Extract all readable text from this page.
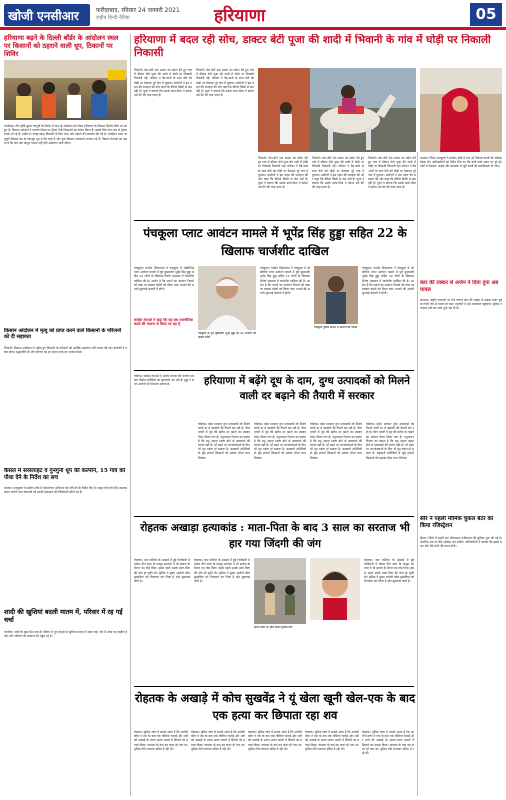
खोजी एनसीआर	फरीदाबाद, रविवार 24 जनवरी 2021
राष्ट्रीय हिन्दी दैनिक	हरियाणा	05
हरियाणा बढ़ने के दिल्ली बॉर्डर के आंदोलन स्थल पर किसानों को ठहराने वाली धूप, ठिकानों पर शिविर
चण्डीगढ़। तीन कृषि सुधार कानूनों के विरोध में चल रहे आंदोलन को लेकर हरियाणा के किसान दिल्ली बॉर्डर पर डटे हुए हैं। किसान संगठनों ने गणतंत्र दिवस पर ट्रैक्टर रैली निकालने का ऐलान किया है। इसके लिए गांव-गांव से ट्रैक्टर रवाना हो रहे हैं। हाईवे पर जगह-जगह किसानों के लिए लंगर और ठहरने की व्यवस्था की गई है। आंदोलन स्थल पर बुजुर्ग किसान ठंड के बावजूद धूप में बैठे रहते हैं और युवा किसान व्यवस्थाएं संभाल रहे हैं। किसान नेताओं का कहना है कि जब तक कानून वापस नहीं होते आंदोलन जारी रहेगा।
किसान आंदोलन में मृत्यु को प्राप्त करने वाले किसानों के परिजनों को दी सहायता
भिवानी। किसान आंदोलन में शहीद हुए किसानों के परिजनों को आर्थिक सहायता राशि प्रदान की गई। ग्रामीणों ने एकत्र होकर श्रद्धांजलि दी और परिवार को हर संभव मदद का भरोसा दिया।
कैसल में सरसराहट व गुनगुनी धूप की कल्पनि, 15 गांव को पौधा देने के निर्देश का सच
पलवल। उपायुक्त ने ग्रामीण क्षेत्रों में पौधारोपण अभियान को गति देने के निर्देश दिए हैं। पंद्रह गांवों को पौधे उपलब्ध कराए जाएंगे तथा पंचायतों को इनकी देखभाल की जिम्मेदारी सौंपी गई है।
शादी की खुशियां बदली मातम में, परिवार में रह गई चर्चा
नारनौल। शादी के कुछ दिन बाद ही परिवार में हुए हादसे से खुशियां मातम में बदल गईं। गांव में शोक का माहौल है और लोग परिवार को सांत्वना देने पहुंच रहे हैं।
हरियाणा में बदल रही सोच, डाक्टर बेटी पूजा की शादी में भिवानी के गांव में घोड़ी पर निकाली निकासी
भिवानी। बेटा-बेटी एक समान का संदेश देते हुए गांव में डॉक्टर बेटी पूजा की शादी में घोड़ी पर निकासी निकाली गई। परिवार ने बैंड-बाजे के साथ बेटी को घोड़ी पर बैठाकर पूरे गांव में घुमाया। ग्रामीणों ने इस पहल की सराहना की और कहा कि बेटियां किसी से कम नहीं हैं। पूजा ने बताया कि उसके माता-पिता ने हमेशा उसे बेटे की तरह पाला है।
भिवानी। बेटा-बेटी एक समान का संदेश देते हुए गांव में डॉक्टर बेटी पूजा की शादी में घोड़ी पर निकासी निकाली गई। परिवार ने बैंड-बाजे के साथ बेटी को घोड़ी पर बैठाकर पूरे गांव में घुमाया। ग्रामीणों ने इस पहल की सराहना की और कहा कि बेटियां किसी से कम नहीं हैं। पूजा ने बताया कि उसके माता-पिता ने हमेशा उसे बेटे की तरह पाला है।
भिवानी। बेटा-बेटी एक समान का संदेश देते हुए गांव में डॉक्टर बेटी पूजा की शादी में घोड़ी पर निकासी निकाली गई। परिवार ने बैंड-बाजे के साथ बेटी को घोड़ी पर बैठाकर पूरे गांव में घुमाया। ग्रामीणों ने इस पहल की सराहना की और कहा कि बेटियां किसी से कम नहीं हैं। पूजा ने बताया कि उसके माता-पिता ने हमेशा उसे बेटे की तरह पाला है।
भिवानी। बेटा-बेटी एक समान का संदेश देते हुए गांव में डॉक्टर बेटी पूजा की शादी में घोड़ी पर निकासी निकाली गई। परिवार ने बैंड-बाजे के साथ बेटी को घोड़ी पर बैठाकर पूरे गांव में घुमाया। ग्रामीणों ने इस पहल की सराहना की और कहा कि बेटियां किसी से कम नहीं हैं। पूजा ने बताया कि उसके माता-पिता ने हमेशा उसे बेटे की तरह पाला है।
भिवानी। बेटा-बेटी एक समान का संदेश देते हुए गांव में डॉक्टर बेटी पूजा की शादी में घोड़ी पर निकासी निकाली गई। परिवार ने बैंड-बाजे के साथ बेटी को घोड़ी पर बैठाकर पूरे गांव में घुमाया। ग्रामीणों ने इस पहल की सराहना की और कहा कि बेटियां किसी से कम नहीं हैं। पूजा ने बताया कि उसके माता-पिता ने हमेशा उसे बेटे की तरह पाला है।
पलवल। जिला उपायुक्त ने ग्रामीण क्षेत्रों में चल रहे विकास कार्यों की समीक्षा बैठक ली। अधिकारियों को निर्देश दिए गए कि सभी कार्य समय पर पूरे हों। गांवों में पेयजल, सड़क और स्वच्छता से जुड़े कार्यों को प्राथमिकता दी जाए।
कार की टक्कर से अर्जन ने दिया दुपा अब घायल
करनाल। राष्ट्रीय राजमार्ग पर तेज रफ्तार कार की टक्कर से बाइक सवार युवक गंभीर रूप से घायल हो गया। राहगीरों ने उसे अस्पताल पहुंचाया। पुलिस ने मामला दर्ज कर जांच शुरू कर दी है।
सीरे ने पहली मौमिक चुकल बेटर का किया रजिस्ट्रेशन
हिसार। जिले में पहली बार ऑनलाइन पंजीकरण की सुविधा शुरू की गई है। नागरिक अब घर बैठे आवेदन कर सकेंगे। अधिकारियों ने बताया कि इससे समय और पैसे दोनों की बचत होगी।
पंचकूला प्लाट आवंटन मामले में भूपेंद्र सिंह हुड्डा सहित 22 के खिलाफ चार्जशीट दाखिल
पंचकूला। प्रवर्तन निदेशालय ने पंचकूला में औद्योगिक प्लाट आवंटन मामले में पूर्व मुख्यमंत्री भूपेंद्र सिंह हुड्डा सहित 22 लोगों के खिलाफ विशेष अदालत में चार्जशीट दाखिल की है। आरोप है कि प्लाटों का आवंटन नियमों को ताक पर रखकर चहेतों को किया गया। मामले की अगली सुनवाई फरवरी में होगी।
पंचकूला के पूर्व मुख्यमंत्री भूपेंद्र हुड्डा की 21 जनवरी की फाइल फोटो
पंचकूला। प्रवर्तन निदेशालय ने पंचकूला में औद्योगिक प्लाट आवंटन मामले में पूर्व मुख्यमंत्री भूपेंद्र सिंह हुड्डा सहित 22 लोगों के खिलाफ विशेष अदालत में चार्जशीट दाखिल की है। आरोप है कि प्लाटों का आवंटन नियमों को ताक पर रखकर चहेतों को किया गया। मामले की अगली सुनवाई फरवरी में होगी।
पंचकूला पुलिस स्टेशन में आरोपी को पकड़ा
पंचकूला। प्रवर्तन निदेशालय ने पंचकूला में औद्योगिक प्लाट आवंटन मामले में पूर्व मुख्यमंत्री भूपेंद्र सिंह हुड्डा सहित 22 लोगों के खिलाफ विशेष अदालत में चार्जशीट दाखिल की है। आरोप है कि प्लाटों का आवंटन नियमों को ताक पर रखकर चहेतों को किया गया। मामले की अगली सुनवाई फरवरी में होगी।
कांग्रेस नेताओं ने कहा कि यह सब राजनीतिक बदले की भावना से किया जा रहा है
चंडीगढ़। कांग्रेस नेताओं ने आरोप लगाया कि भाजपा सरकार केंद्रीय एजेंसियों का दुरुपयोग कर रही है। हुड्डा ने सभी आरोपों को निराधार बताया है।	हरियाणा में बढ़ेंगे दूध के दाम, दुग्ध उत्पादकों को मिलने वाली दर बढ़ाने की तैयारी में सरकार
चंडीगढ़। प्रदेश सरकार दुग्ध उत्पादकों को मिलने वाली दर में बढ़ोतरी की तैयारी कर रही है। वीटा प्लांटों में दूध की खरीद दर बढ़ाने का प्रस्ताव तैयार किया गया है। पशुपालन विभाग का कहना है कि पशु आहार महंगा होने से उत्पादकों की लागत बढ़ी है। दरें बढ़ने पर उपभोक्ताओं के लिए भी दूध महंगा हो सकता है। सहकारी समितियों से जुड़े हजारों किसानों को इसका सीधा लाभ मिलेगा।
चंडीगढ़। प्रदेश सरकार दुग्ध उत्पादकों को मिलने वाली दर में बढ़ोतरी की तैयारी कर रही है। वीटा प्लांटों में दूध की खरीद दर बढ़ाने का प्रस्ताव तैयार किया गया है। पशुपालन विभाग का कहना है कि पशु आहार महंगा होने से उत्पादकों की लागत बढ़ी है। दरें बढ़ने पर उपभोक्ताओं के लिए भी दूध महंगा हो सकता है। सहकारी समितियों से जुड़े हजारों किसानों को इसका सीधा लाभ मिलेगा।
चंडीगढ़। प्रदेश सरकार दुग्ध उत्पादकों को मिलने वाली दर में बढ़ोतरी की तैयारी कर रही है। वीटा प्लांटों में दूध की खरीद दर बढ़ाने का प्रस्ताव तैयार किया गया है। पशुपालन विभाग का कहना है कि पशु आहार महंगा होने से उत्पादकों की लागत बढ़ी है। दरें बढ़ने पर उपभोक्ताओं के लिए भी दूध महंगा हो सकता है। सहकारी समितियों से जुड़े हजारों किसानों को इसका सीधा लाभ मिलेगा।
चंडीगढ़। प्रदेश सरकार दुग्ध उत्पादकों को मिलने वाली दर में बढ़ोतरी की तैयारी कर रही है। वीटा प्लांटों में दूध की खरीद दर बढ़ाने का प्रस्ताव तैयार किया गया है। पशुपालन विभाग का कहना है कि पशु आहार महंगा होने से उत्पादकों की लागत बढ़ी है। दरें बढ़ने पर उपभोक्ताओं के लिए भी दूध महंगा हो सकता है। सहकारी समितियों से जुड़े हजारों किसानों को इसका सीधा लाभ मिलेगा।
रोहतक अखाड़ा हत्याकांड : माता-पिता के बाद 3 साल का सरताज भी हार गया जिंदगी की जंग
रोहतक। जाट कॉलेज के अखाड़े में हुई गोलीबारी में घायल तीन साल के मासूम सरताज ने भी इलाज के दौरान दम तोड़ दिया। इससे पहले उसके माता-पिता की मौत हो चुकी थी। पुलिस ने मुख्य आरोपी कोच सुखविंदर को गिरफ्तार कर लिया है और पूछताछ जारी है।
रोहतक। जाट कॉलेज के अखाड़े में हुई गोलीबारी में घायल तीन साल के मासूम सरताज ने भी इलाज के दौरान दम तोड़ दिया। इससे पहले उसके माता-पिता की मौत हो चुकी थी। पुलिस ने मुख्य आरोपी कोच सुखविंदर को गिरफ्तार कर लिया है और पूछताछ जारी है।
घटना स्थल पर जांच करती पुलिस टीम
रोहतक। जाट कॉलेज के अखाड़े में हुई गोलीबारी में घायल तीन साल के मासूम सरताज ने भी इलाज के दौरान दम तोड़ दिया। इससे पहले उसके माता-पिता की मौत हो चुकी थी। पुलिस ने मुख्य आरोपी कोच सुखविंदर को गिरफ्तार कर लिया है और पूछताछ जारी है।
रोहतक के अखाड़े में कोच सुखवेंद्र ने यूं खेला खूनी खेल-एक के बाद एक हत्या कर छिपाता रहा शव
रोहतक। पुलिस जांच में सामने आया है कि आरोपी कोच ने एक के बाद एक गोलियां चलाईं और शवों को अखाड़े के अलग-अलग कमरों में छिपाने का प्रयास किया। वारदात के बाद वह फरार हो गया था। पुलिस टीमें लगातार दबिश दे रही थीं।
रोहतक। पुलिस जांच में सामने आया है कि आरोपी कोच ने एक के बाद एक गोलियां चलाईं और शवों को अखाड़े के अलग-अलग कमरों में छिपाने का प्रयास किया। वारदात के बाद वह फरार हो गया था। पुलिस टीमें लगातार दबिश दे रही थीं।
रोहतक। पुलिस जांच में सामने आया है कि आरोपी कोच ने एक के बाद एक गोलियां चलाईं और शवों को अखाड़े के अलग-अलग कमरों में छिपाने का प्रयास किया। वारदात के बाद वह फरार हो गया था। पुलिस टीमें लगातार दबिश दे रही थीं।
रोहतक। पुलिस जांच में सामने आया है कि आरोपी कोच ने एक के बाद एक गोलियां चलाईं और शवों को अखाड़े के अलग-अलग कमरों में छिपाने का प्रयास किया। वारदात के बाद वह फरार हो गया था। पुलिस टीमें लगातार दबिश दे रही थीं।
रोहतक। पुलिस जांच में सामने आया है कि आरोपी कोच ने एक के बाद एक गोलियां चलाईं और शवों को अखाड़े के अलग-अलग कमरों में छिपाने का प्रयास किया। वारदात के बाद वह फरार हो गया था। पुलिस टीमें लगातार दबिश दे रही थीं।
